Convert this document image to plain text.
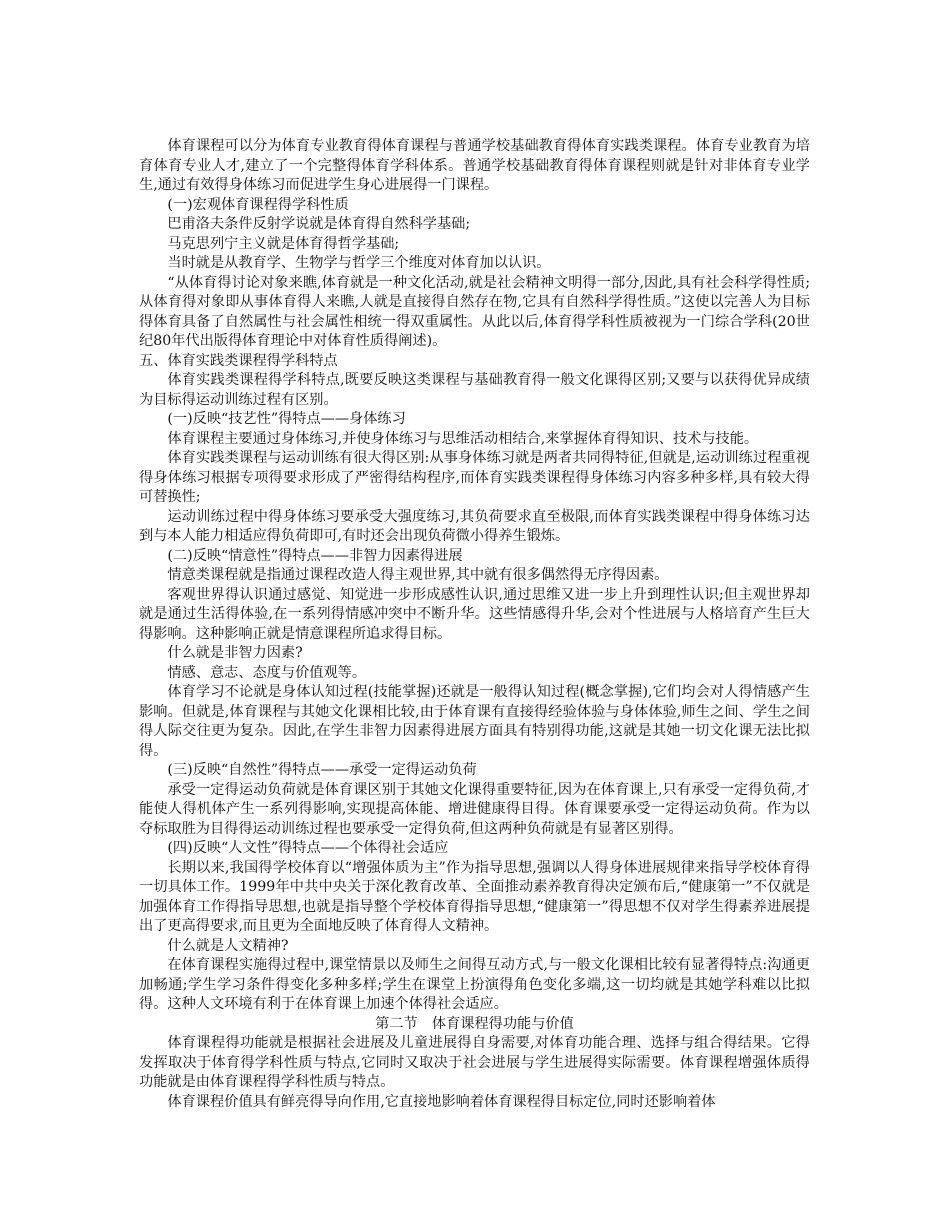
体育课程可以分为体育专业教育得体育课程与普通学校基础教育得体育实践类课程。体育专业教育为培育体育专业人才,建立了一个完整得体育学科体系。普通学校基础教育得体育课程则就是针对非体育专业学生,通过有效得身体练习而促进学生身心进展得一门课程。

(一)宏观体育课程得学科性质

巴甫洛夫条件反射学说就是体育得自然科学基础;

马克思列宁主义就是体育得哲学基础;

当时就是从教育学、生物学与哲学三个维度对体育加以认识。

“从体育得讨论对象来瞧,体育就是一种文化活动,就是社会精神文明得一部分,因此,具有社会科学得性质;从体育得对象即从事体育得人来瞧,人就是直接得自然存在物,它具有自然科学得性质。”这使以完善人为目标得体育具备了自然属性与社会属性相统一得双重属性。从此以后,体育得学科性质被视为一门综合学科(20世纪80年代出版得体育理论中对体育性质得阐述)。

五、体育实践类课程得学科特点

体育实践类课程得学科特点,既要反映这类课程与基础教育得一般文化课得区别;又要与以获得优异成绩为目标得运动训练过程有区别。

(一)反映“技艺性”得特点——身体练习

体育课程主要通过身体练习,并使身体练习与思维活动相结合,来掌握体育得知识、技术与技能。

体育实践类课程与运动训练有很大得区别:从事身体练习就是两者共同得特征,但就是,运动训练过程重视得身体练习根据专项得要求形成了严密得结构程序,而体育实践类课程得身体练习内容多种多样,具有较大得可替换性;

运动训练过程中得身体练习要承受大强度练习,其负荷要求直至极限,而体育实践类课程中得身体练习达到与本人能力相适应得负荷即可,有时还会出现负荷微小得养生锻炼。

(二)反映“情意性”得特点——非智力因素得进展

情意类课程就是指通过课程改造人得主观世界,其中就有很多偶然得无序得因素。

客观世界得认识通过感觉、知觉进一步形成感性认识,通过思维又进一步上升到理性认识;但主观世界却就是通过生活得体验,在一系列得情感冲突中不断升华。这些情感得升华,会对个性进展与人格培育产生巨大得影响。这种影响正就是情意课程所追求得目标。

什么就是非智力因素?

情感、意志、态度与价值观等。

体育学习不论就是身体认知过程(技能掌握)还就是一般得认知过程(概念掌握),它们均会对人得情感产生影响。但就是,体育课程与其她文化课相比较,由于体育课有直接得经验体验与身体体验,师生之间、学生之间得人际交往更为复杂。因此,在学生非智力因素得进展方面具有特别得功能,这就是其她一切文化课无法比拟得。

(三)反映“自然性”得特点——承受一定得运动负荷

承受一定得运动负荷就是体育课区别于其她文化课得重要特征,因为在体育课上,只有承受一定得负荷,才能使人得机体产生一系列得影响,实现提高体能、增进健康得目得。体育课要承受一定得运动负荷。作为以夺标取胜为目得得运动训练过程也要承受一定得负荷,但这两种负荷就是有显著区别得。

(四)反映“人文性”得特点——个体得社会适应

长期以来,我国得学校体育以“增强体质为主”作为指导思想,强调以人得身体进展规律来指导学校体育得一切具体工作。1999年中共中央关于深化教育改革、全面推动素养教育得决定颁布后,“健康第一”不仅就是加强体育工作得指导思想,也就是指导整个学校体育得指导思想,“健康第一”得思想不仅对学生得素养进展提出了更高得要求,而且更为全面地反映了体育得人文精神。

什么就是人文精神?

在体育课程实施得过程中,课堂情景以及师生之间得互动方式,与一般文化课相比较有显著得特点:沟通更加畅通;学生学习条件得变化多种多样;学生在课堂上扮演得角色变化多端,这一切均就是其她学科难以比拟得。这种人文环境有利于在体育课上加速个体得社会适应。

第二节　体育课程得功能与价值

体育课程得功能就是根据社会进展及儿童进展得自身需要,对体育功能合理、选择与组合得结果。它得发挥取决于体育得学科性质与特点,它同时又取决于社会进展与学生进展得实际需要。体育课程增强体质得功能就是由体育课程得学科性质与特点。

体育课程价值具有鲜亮得导向作用,它直接地影响着体育课程得目标定位,同时还影响着体
